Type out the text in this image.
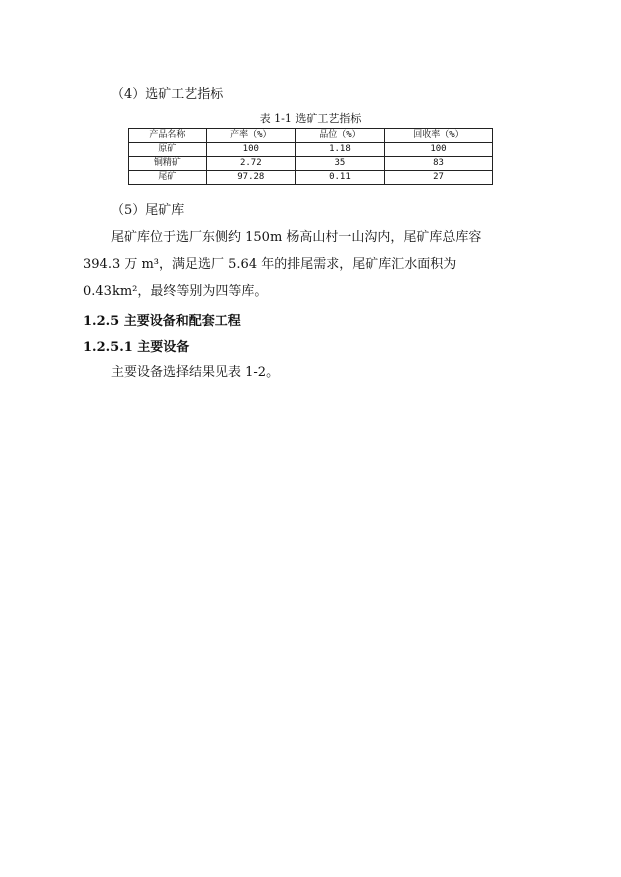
（4）选矿工艺指标
表 1-1 选矿工艺指标
产品名称	产率（%）	品位（%）	回收率（%）
原矿	100	1.18	100
铜精矿	2.72	35	83
尾矿	97.28	0.11	27
（5）尾矿库
尾矿库位于选厂东侧约 150m 杨高山村一山沟内，尾矿库总库容
394.3 万 m³，满足选厂 5.64 年的排尾需求，尾矿库汇水面积为
0.43km²，最终等别为四等库。
1.2.5 主要设备和配套工程
1.2.5.1 主要设备
主要设备选择结果见表 1-2。
